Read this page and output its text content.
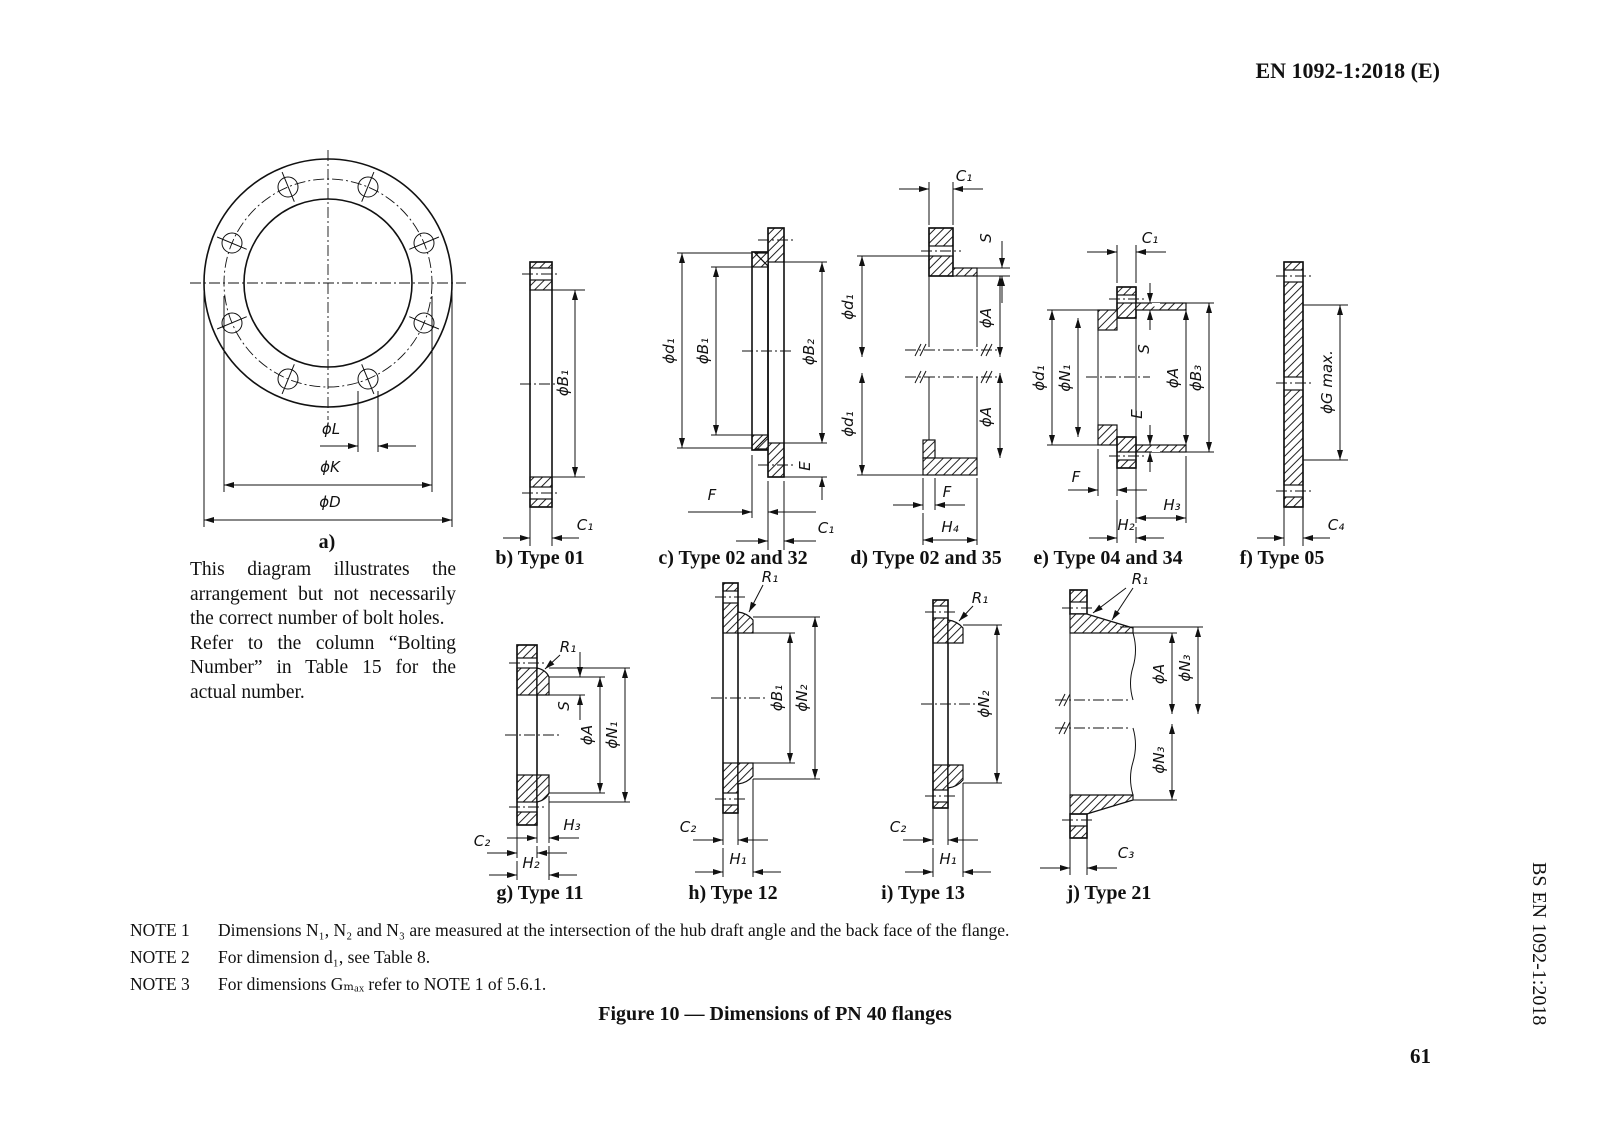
EN 1092-1:2018 (E)
ϕL
ϕK
ϕD
ϕB₁
C₁
ϕd₁ ϕB₁	ϕB₂
E
F
C₁
C₁
S
ϕd₁
ϕd₁
ϕA
ϕA
F
H₄
C₁
ϕd₁ ϕN₁
S
E
ϕA ϕB₃
F
H₃
H₂
ϕG max.
C₄
R₁
S
ϕA ϕN₁
H₃
C₂
H₂
R₁
ϕB₁ ϕN₂
C₂
H₁
R₁
ϕN₂
C₂
H₁
R₁
ϕA ϕN₃
ϕN₃
C₃
a)
b) Type 01	c) Type 02 and 32	d) Type 02 and 35	e) Type 04 and 34	f) Type 05
g) Type 11	h) Type 12	i) Type 13	j) Type 21

This diagram illustrates the arrangement but not necessarily the correct number of bolt holes.

Refer to the column “Bolting Number” in Table 15 for the actual number.

NOTE 1 Dimensions N₁, N₂ and N₃ are measured at the intersection of the hub draft angle and the back face of the flange.
NOTE 2 For dimension d₁, see Table 8.
NOTE 3 For dimensions Gₘₐₓ refer to NOTE 1 of 5.6.1.
Figure 10 — Dimensions of PN 40 flanges
61
BS EN 1092-1:2018
